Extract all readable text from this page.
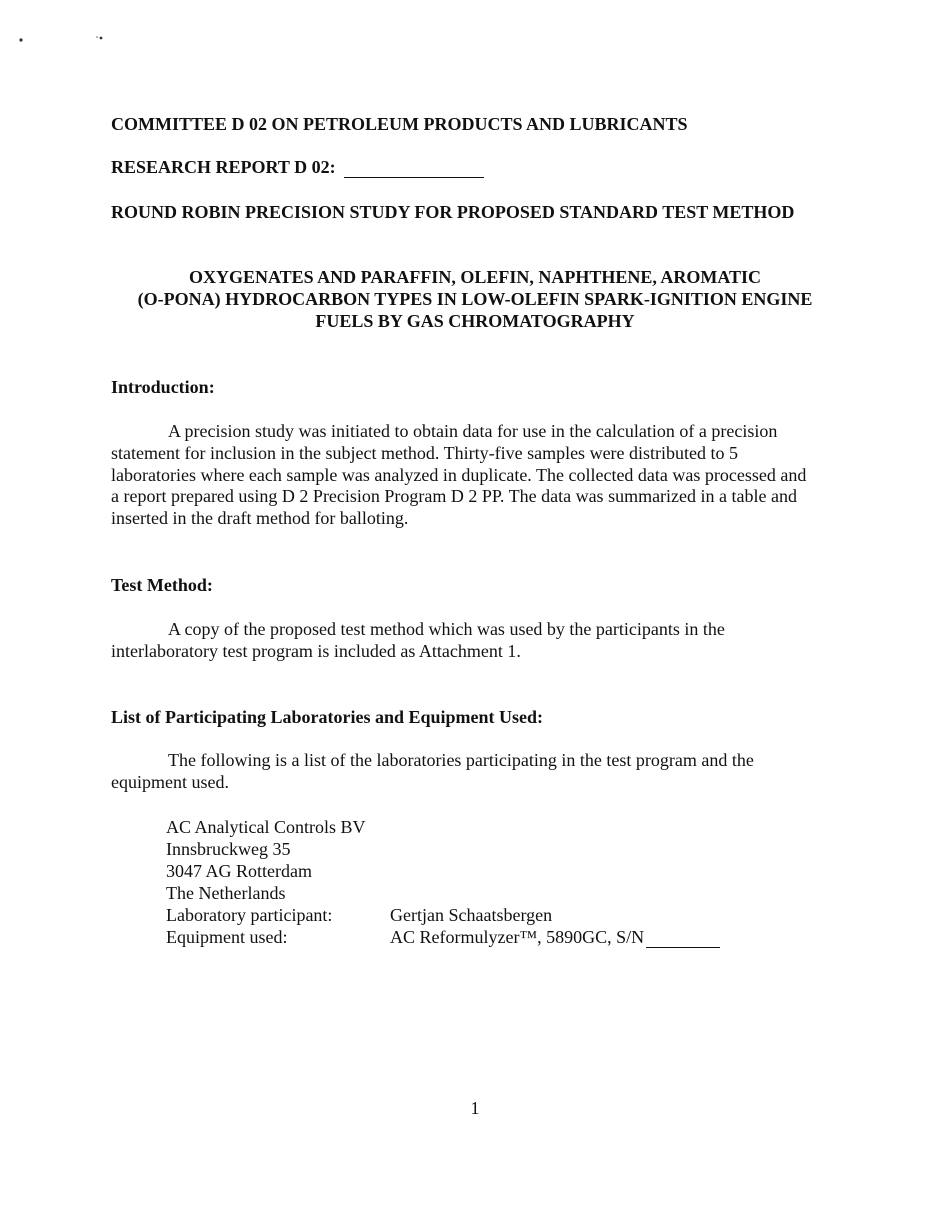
COMMITTEE D 02 ON PETROLEUM PRODUCTS AND LUBRICANTS
RESEARCH REPORT D 02:
ROUND ROBIN PRECISION STUDY FOR PROPOSED STANDARD TEST METHOD
OXYGENATES AND PARAFFIN, OLEFIN, NAPHTHENE, AROMATIC
(O-PONA) HYDROCARBON TYPES IN LOW-OLEFIN SPARK-IGNITION ENGINE
FUELS BY GAS CHROMATOGRAPHY
Introduction:
A precision study was initiated to obtain data for use in the calculation of a precision
statement for inclusion in the subject method. Thirty-five samples were distributed to 5
laboratories where each sample was analyzed in duplicate. The collected data was processed and
a report prepared using D 2 Precision Program D 2 PP. The data was summarized in a table and
inserted in the draft method for balloting.
Test Method:
A copy of the proposed test method which was used by the participants in the
interlaboratory test program is included as Attachment 1.
List of Participating Laboratories and Equipment Used:
The following is a list of the laboratories participating in the test program and the
equipment used.
AC Analytical Controls BV
Innsbruckweg 35
3047 AG Rotterdam
The Netherlands
Laboratory participant:	Gertjan Schaatsbergen
Equipment used:	AC Reformulyzer™, 5890GC, S/N
1
